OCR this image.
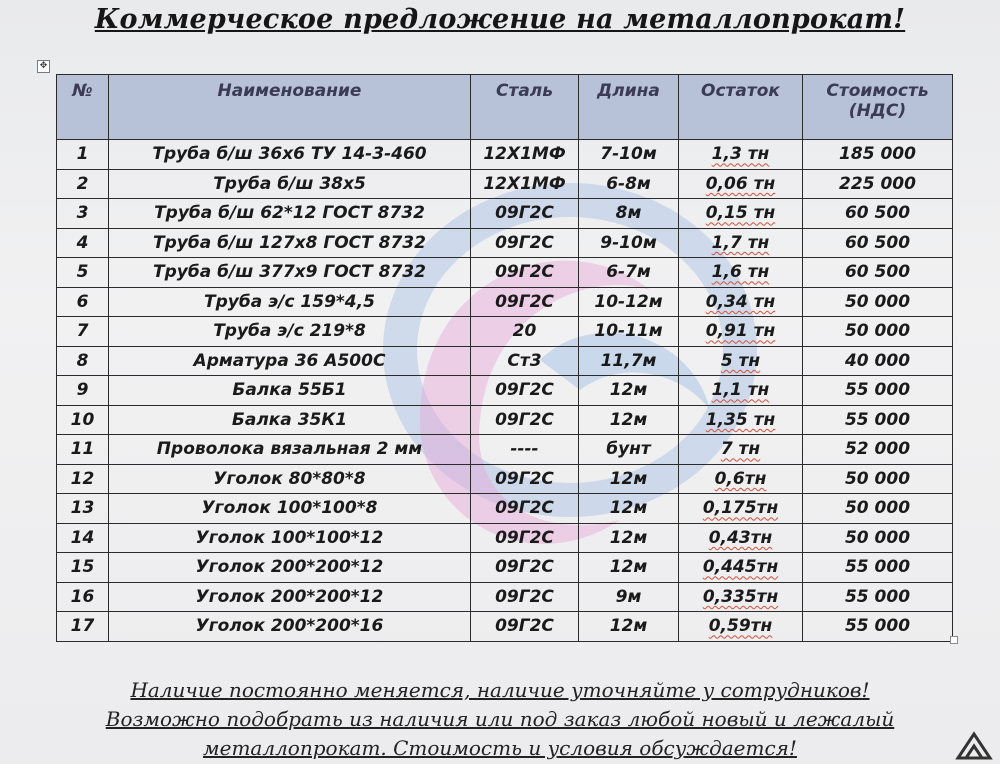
Коммерческое предложение на металлопрокат!
✥
№	Наименование	Сталь	Длина	Остаток	Стоимость
(НДС)

1	Труба б/ш 36х6 ТУ 14-3-460	12Х1МФ	7-10м	1,3 тн	185 000
2	Труба б/ш 38х5	12Х1МФ	6-8м	0,06 тн	225 000
3	Труба б/ш 62*12 ГОСТ 8732	09Г2С	8м	0,15 тн	60 500
4	Труба б/ш 127х8 ГОСТ 8732	09Г2С	9-10м	1,7 тн	60 500
5	Труба б/ш 377х9 ГОСТ 8732	09Г2С	6-7м	1,6 тн	60 500
6	Труба э/с 159*4,5	09Г2С	10-12м	0,34 тн	50 000
7	Труба э/с 219*8	20	10-11м	0,91 тн	50 000
8	Арматура 36 А500С	Ст3	11,7м	5 тн	40 000
9	Балка 55Б1	09Г2С	12м	1,1 тн	55 000
10	Балка 35К1	09Г2С	12м	1,35 тн	55 000
11	Проволока вязальная 2 мм	----	бунт	7 тн	52 000
12	Уголок 80*80*8	09Г2С	12м	0,6тн	50 000
13	Уголок 100*100*8	09Г2С	12м	0,175тн	50 000
14	Уголок 100*100*12	09Г2С	12м	0,43тн	50 000
15	Уголок 200*200*12	09Г2С	12м	0,445тн	55 000
16	Уголок 200*200*12	09Г2С	9м	0,335тн	55 000
17	Уголок 200*200*16	09Г2С	12м	0,59тн	55 000
Наличие постоянно меняется, наличие уточняйте у сотрудников!
Возможно подобрать из наличия или под заказ любой новый и лежалый
металлопрокат. Стоимость и условия обсуждается!
